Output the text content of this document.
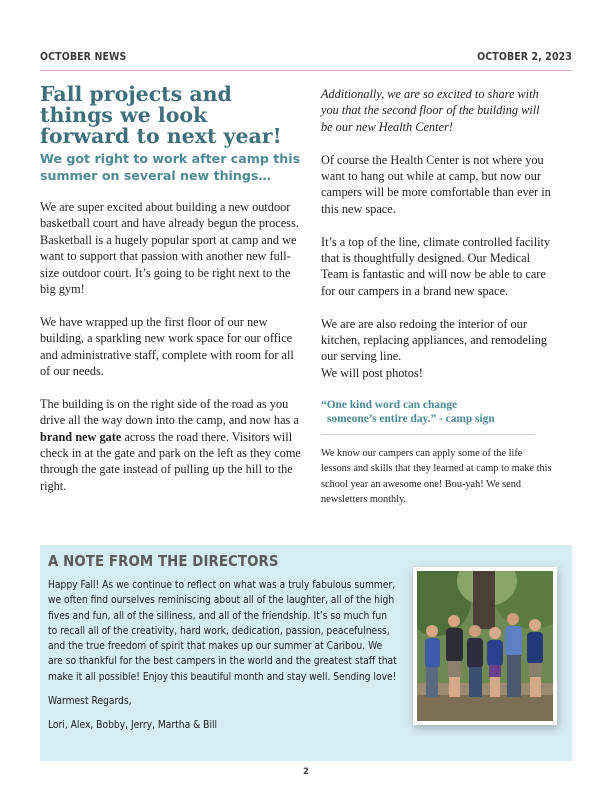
OCTOBER NEWS	OCTOBER 2, 2023
Fall projects and things we look forward to next year!
We got right to work after camp this summer on several new things…

We are super excited about building a new outdoor basketball court and have already begun the process. Basketball is a hugely popular sport at camp and we want to support that passion with another new full-size outdoor court. It’s going to be right next to the big gym!

We have wrapped up the first floor of our new building, a sparkling new work space for our office and administrative staff, complete with room for all of our needs.

The building is on the right side of the road as you drive all the way down into the camp, and now has a brand new gate across the road there. Visitors will check in at the gate and park on the left as they come through the gate instead of pulling up the hill to the right.

Additionally, we are so excited to share with you that the second floor of the building will be our new Health Center!

Of course the Health Center is not where you want to hang out while at camp, but now our campers will be more comfortable than ever in this new space.

It’s a top of the line, climate controlled facility that is thoughtfully designed. Our Medical Team is fantastic and will now be able to care for our campers in a brand new space.

We are are also redoing the interior of our kitchen, replacing appliances, and remodeling our serving line.
We will post photos!

“One kind word can change
someone’s entire day.” - camp sign

We know our campers can apply some of the life lessons and skills that they learned at camp to make this school year an awesome one! Bou-yah! We send newsletters monthly.

A NOTE FROM THE DIRECTORS

Happy Fall! As we continue to reflect on what was a truly fabulous summer, we often find ourselves reminiscing about all of the laughter, all of the high fives and fun, all of the silliness, and all of the friendship. It’s so much fun to recall all of the creativity, hard work, dedication, passion, peacefulness, and the true freedom of spirit that makes up our summer at Caribou. We are so thankful for the best campers in the world and the greatest staff that make it all possible! Enjoy this beautiful month and stay well. Sending love!

Warmest Regards,

Lori, Alex, Bobby, Jerry, Martha & Bill

2
